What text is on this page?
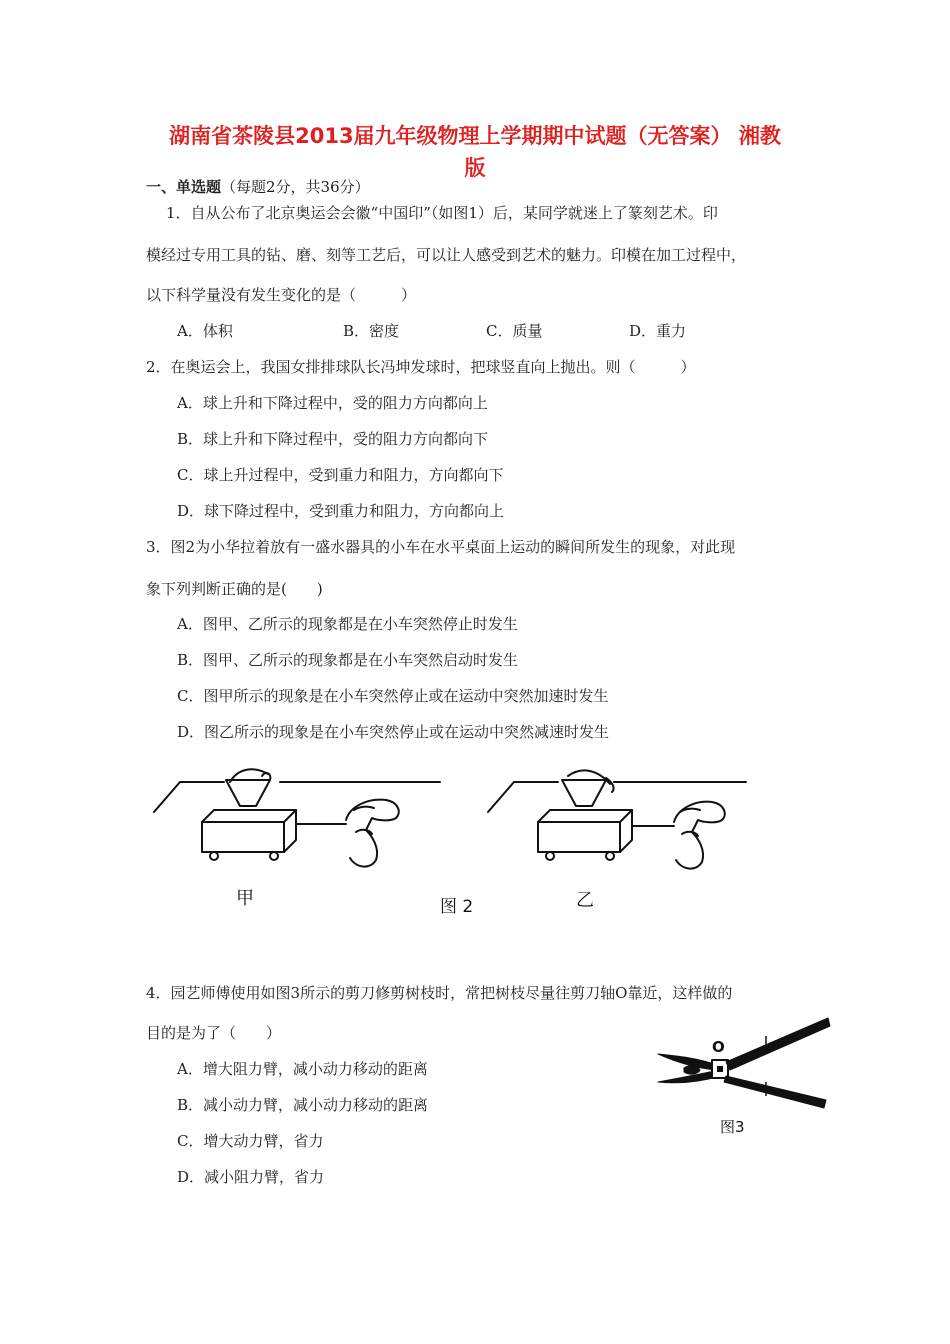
湖南省茶陵县2013届九年级物理上学期期中试题（无答案） 湘教
版
一、单选题（每题2分，共36分）
1．自从公布了北京奥运会会徽“中国印”（如图1）后，某同学就迷上了篆刻艺术。印
模经过专用工具的钻、磨、刻等工艺后，可以让人感受到艺术的魅力。印模在加工过程中，
以下科学量没有发生变化的是（　　　）
A．体积	B．密度	C．质量	D．重力
2．在奥运会上，我国女排排球队长冯坤发球时，把球竖直向上抛出。则（　　　）
A．球上升和下降过程中，受的阻力方向都向上
B．球上升和下降过程中，受的阻力方向都向下
C．球上升过程中，受到重力和阻力，方向都向下
D．球下降过程中，受到重力和阻力，方向都向上
3．图2为小华拉着放有一盛水器具的小车在水平桌面上运动的瞬间所发生的现象，对此现
象下列判断正确的是(　　)
A．图甲、乙所示的现象都是在小车突然停止时发生
B．图甲、乙所示的现象都是在小车突然启动时发生
C．图甲所示的现象是在小车突然停止或在运动中突然加速时发生
D．图乙所示的现象是在小车突然停止或在运动中突然减速时发生
甲	图 2	乙
4．园艺师傅使用如图3所示的剪刀修剪树枝时，常把树枝尽量往剪刀轴O靠近，这样做的
目的是为了（　　）
A．增大阻力臂，减小动力移动的距离
B．减小动力臂，减小动力移动的距离
C．增大动力臂，省力
D．减小阻力臂，省力
O
图3
